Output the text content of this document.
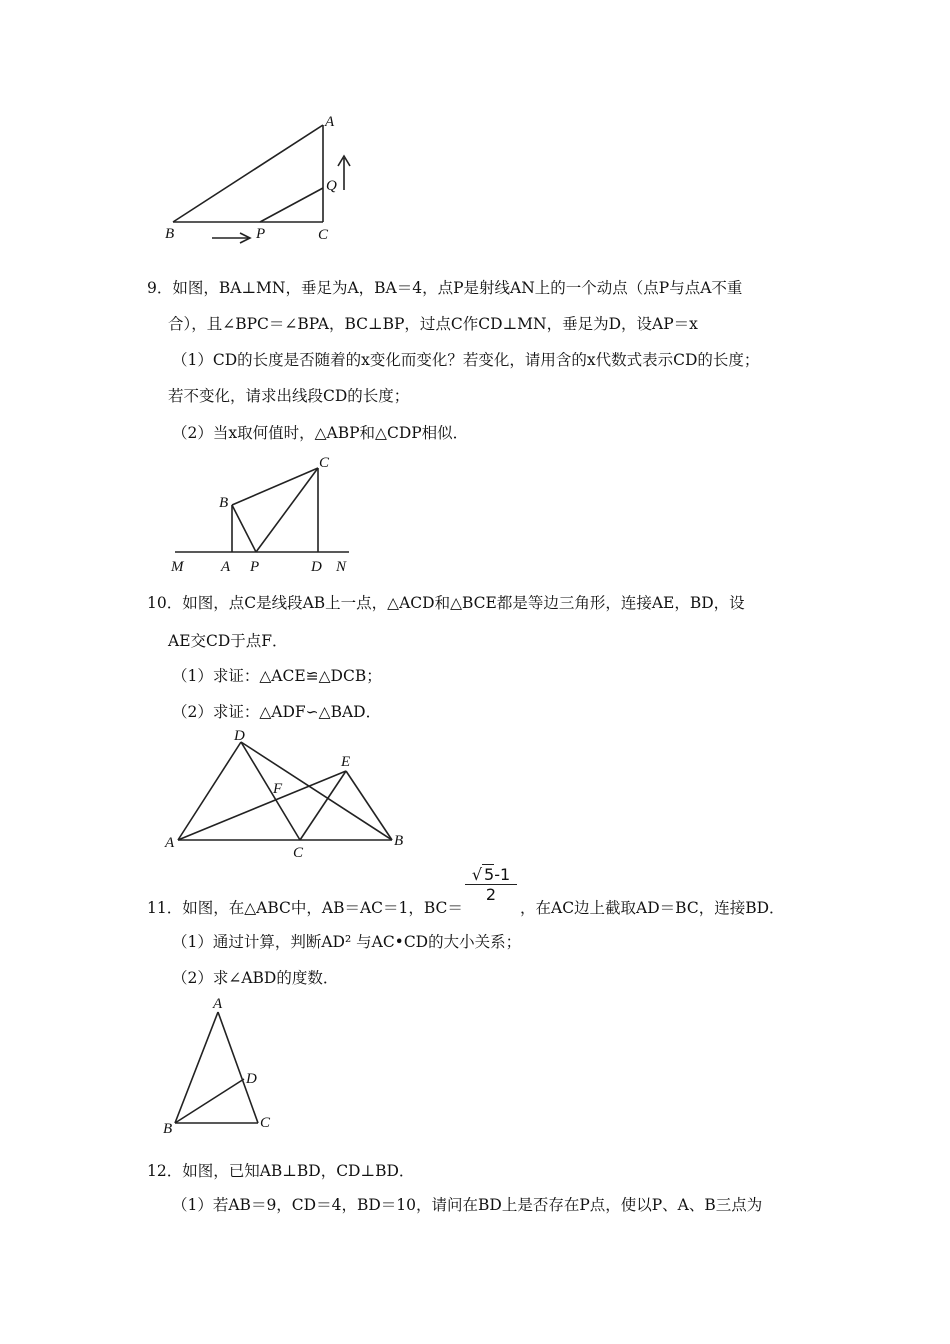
A
Q
B	P	C
9．如图，BA⊥MN，垂足为A，BA＝4，点P是射线AN上的一个动点（点P与点A不重
合），且∠BPC＝∠BPA，BC⊥BP，过点C作CD⊥MN，垂足为D，设AP＝x
（1）CD的长度是否随着的x变化而变化？若变化，请用含的x代数式表示CD的长度；
若不变化，请求出线段CD的长度；
（2）当x取何值时，△ABP和△CDP相似．
C
B
M	A P	D N
10．如图，点C是线段AB上一点，△ACD和△BCE都是等边三角形，连接AE，BD，设
AE交CD于点F．
（1）求证：△ACE≌△DCB；
（2）求证：△ADF∽△BAD．
D
E
F
A
C
B
11．如图，在△ABC中，AB＝AC＝1，BC＝
$\frac{√ 5-1}{2}$
，在AC边上截取AD＝BC，连接BD．
（1）通过计算，判断AD² 与AC•CD的大小关系；
（2）求∠ABD的度数．
A
D
B	C
12．如图，已知AB⊥BD，CD⊥BD．
（1）若AB＝9，CD＝4，BD＝10，请问在BD上是否存在P点，使以P、A、B三点为
